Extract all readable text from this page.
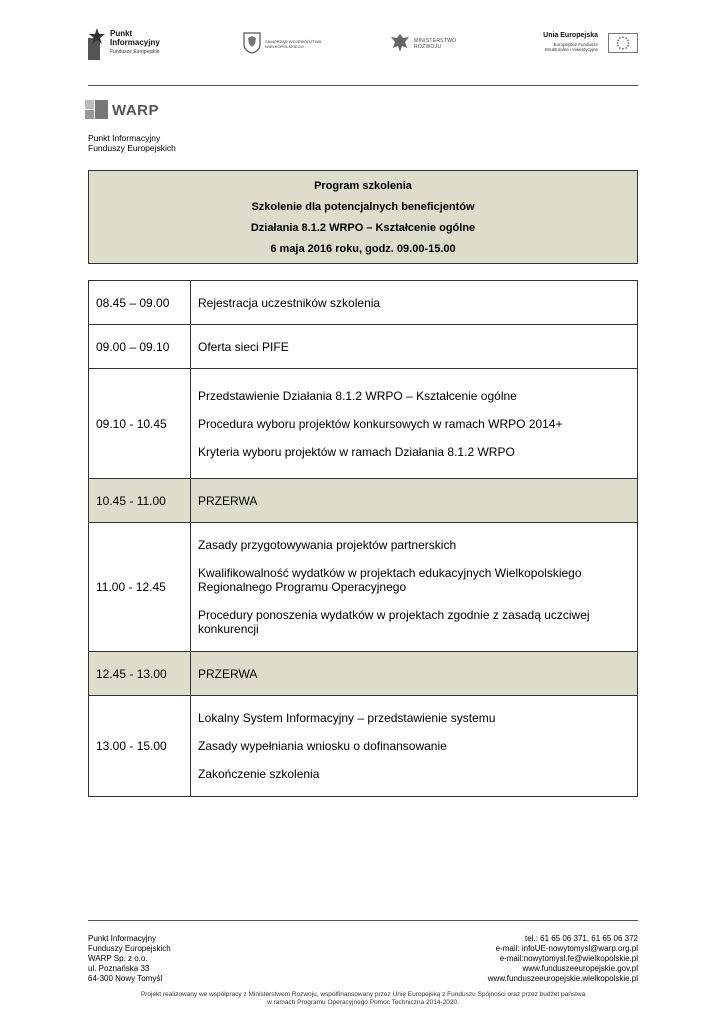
Punkt
Informacyjny
Fundusze Europejskie
SAMORZĄD WOJEWÓDZTWA WIELKOPOLSKIEGO
MINISTERSTWO
ROZWOJU
Unia Europejska
Europejskie Fundusze
Strukturalne i Inwestycyjne
WARP
Punkt Informacyjny
Funduszy Europejskich
Program szkolenia
Szkolenie dla potencjalnych beneficjentów
Działania 8.1.2 WRPO – Kształcenie ogólne
6 maja 2016 roku, godz. 09.00-15.00
08.45 – 09.00	Rejestracja uczestników szkolenia

09.00 – 09.10	Oferta sieci PIFE

09.10 - 10.45	Przedstawienie Działania 8.1.2 WRPO – Kształcenie ogólne

Procedura wyboru projektów konkursowych w ramach WRPO 2014+

Kryteria wyboru projektów w ramach Działania 8.1.2 WRPO

10.45 - 11.00	PRZERWA

11.00 - 12.45	Zasady przygotowywania projektów partnerskich

Kwalifikowalność wydatków w projektach edukacyjnych Wielkopolskiego Regionalnego Programu Operacyjnego

Procedury ponoszenia wydatków w projektach zgodnie z zasadą uczciwej konkurencji

12.45 - 13.00	PRZERWA

13.00 - 15.00	Lokalny System Informacyjny – przedstawienie systemu

Zasady wypełniania wniosku o dofinansowanie

Zakończenie szkolenia

Punkt Informacyjny
Funduszy Europejskich
WARP Sp. z o.o.
ul. Poznańska 33
64-300 Nowy Tomyśl
tel.: 61 65 06 371, 61 65 06 372
e-mail: infoUE-nowytomysl@warp.org.pl
e-mail:nowytomysl.fe@wielkopolskie.pl
www.funduszeeuropejskie.gov.pl
www.funduszeeuropejskie.wielkopolskie.pl
Projekt realizowany we współpracy z Ministerstwem Rozwoju, współfinansowany przez Unię Europejską z Funduszu Spójności oraz przez budżet państwa
w ramach Programu Operacyjnego Pomoc Techniczna 2014-2020.
